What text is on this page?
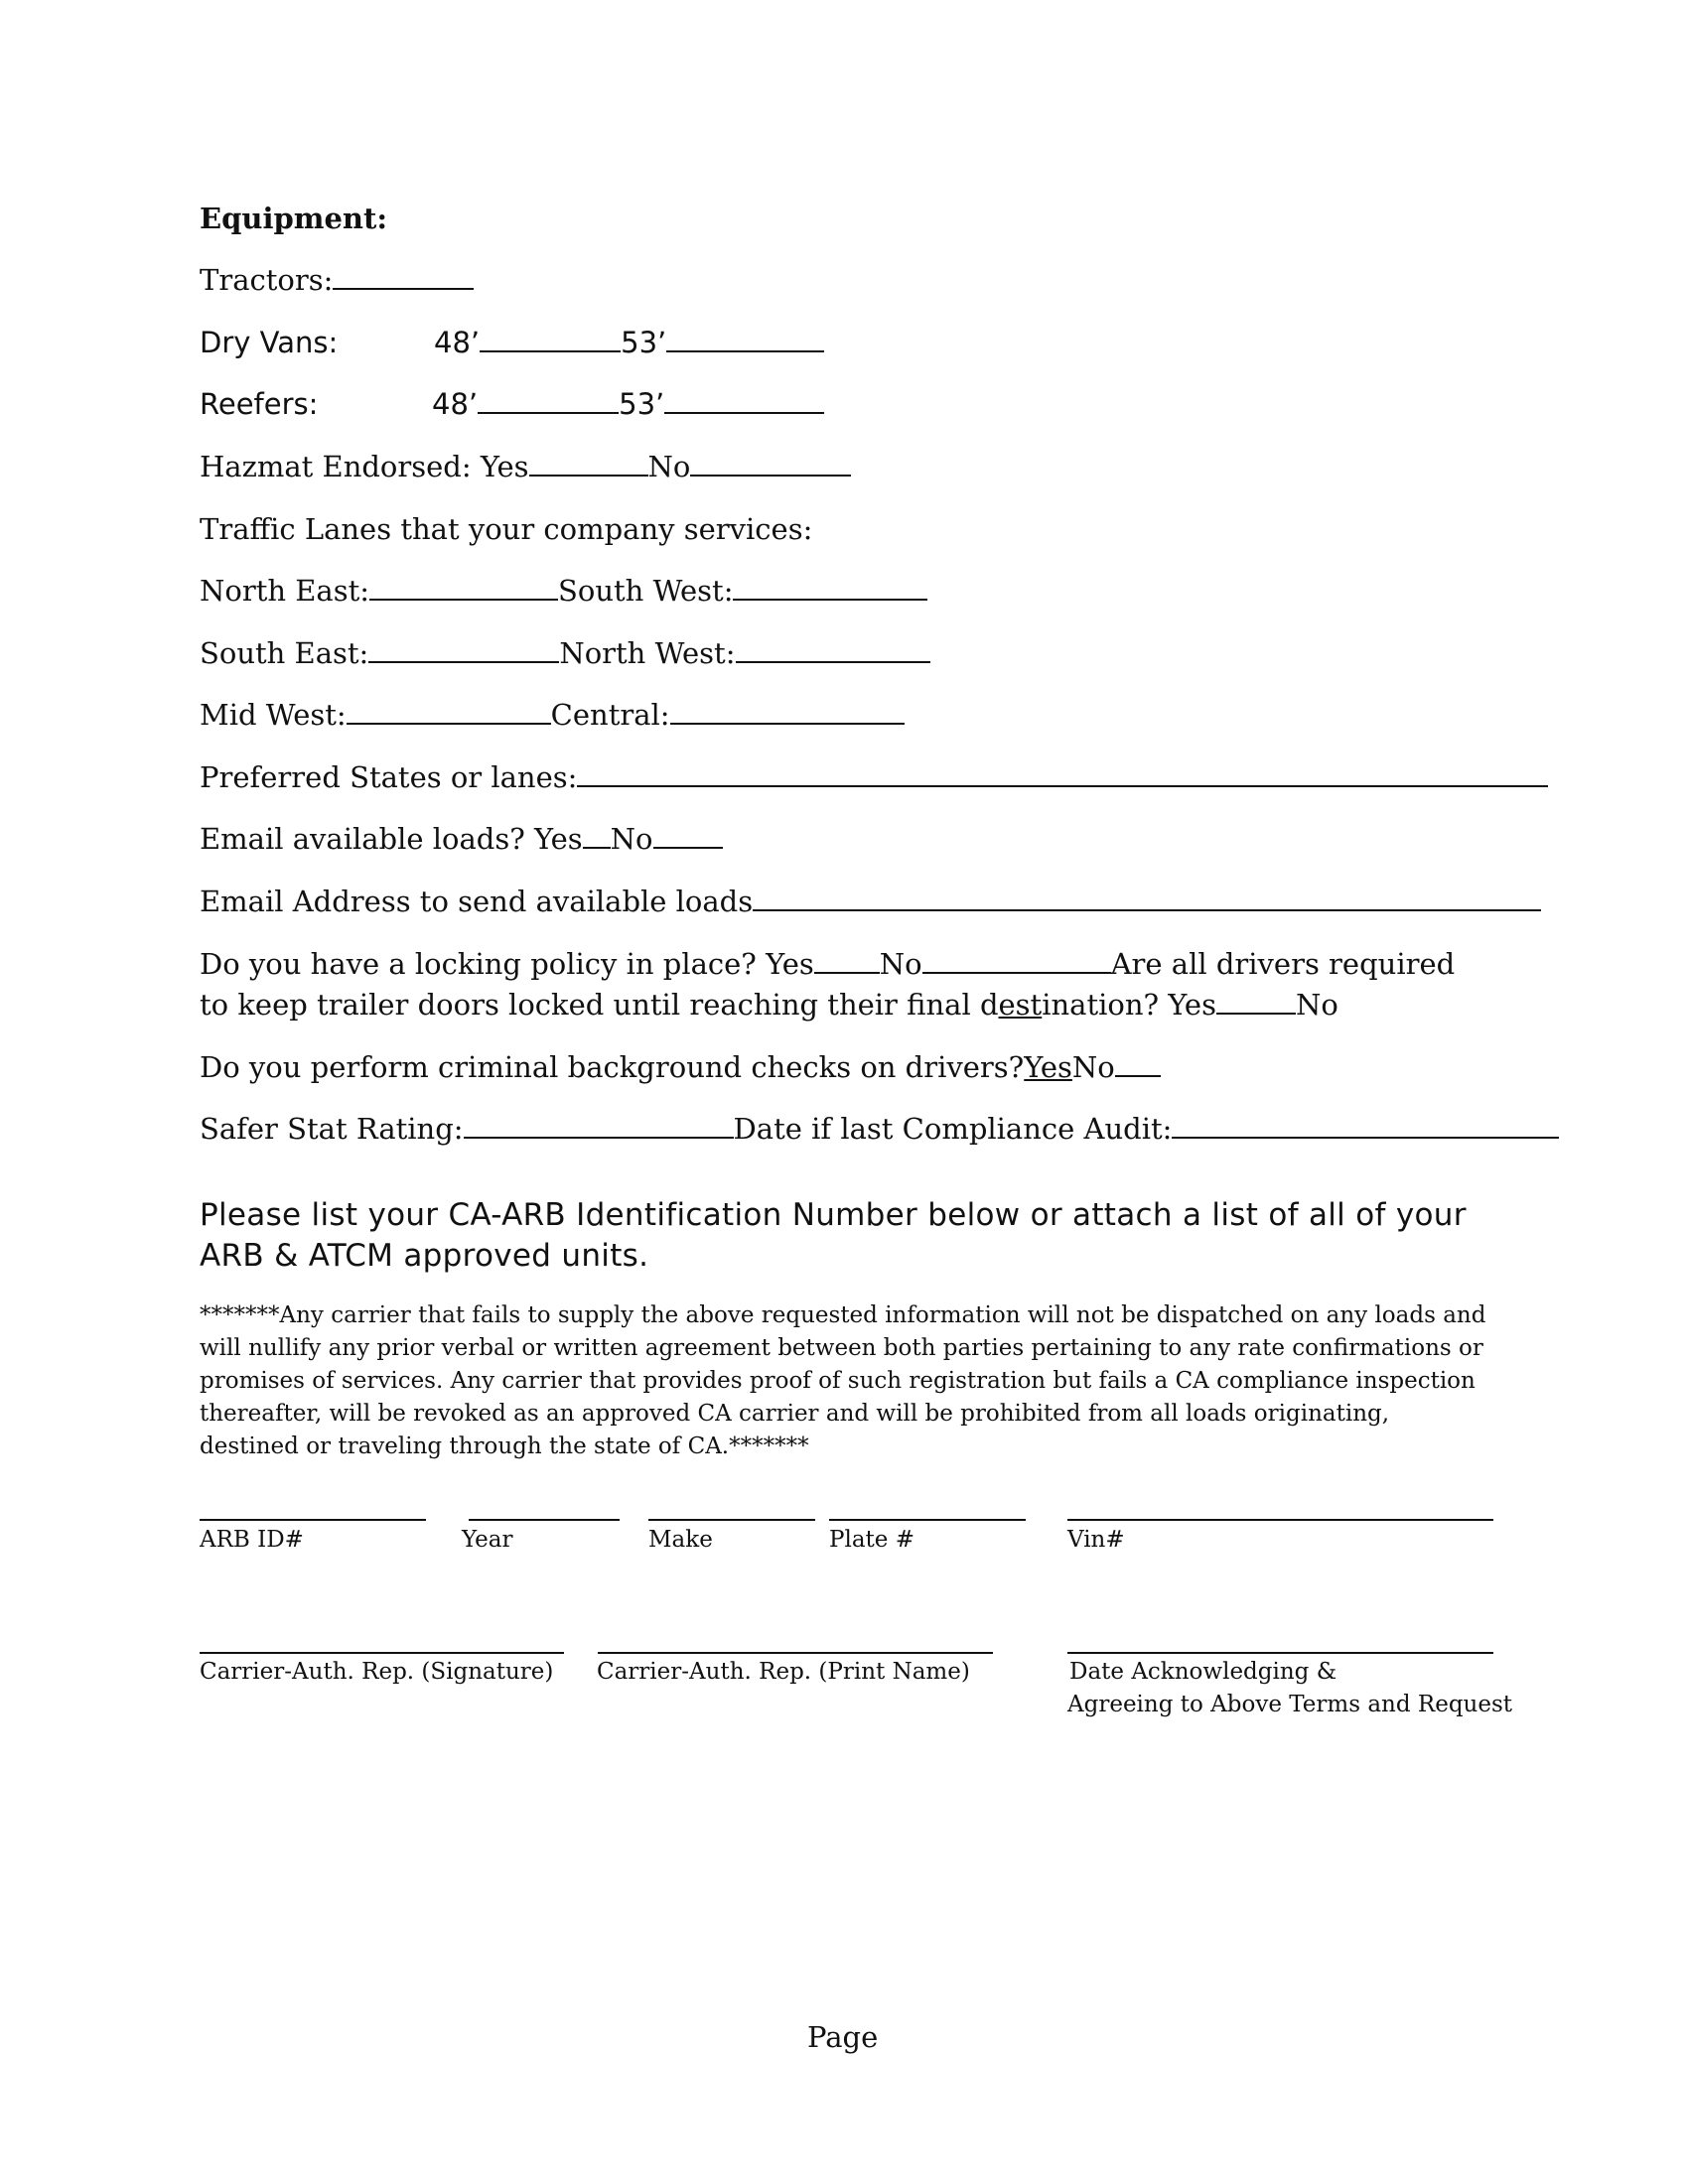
Equipment:
Tractors:
Dry Vans:	48’	53’
Reefers:	48’	53’
Hazmat Endorsed: Yes	No
Traffic Lanes that your company services:
North East:	South West:
South East:	North West:
Mid West:	Central:
Preferred States or lanes:
Email available loads? Yes No
Email Address to send available loads
Do you have a locking policy in place? Yes No	Are all drivers required
to keep trailer doors locked until reaching their final destination? Yes	No
Do you perform criminal background checks on drivers?YesNo
Safer Stat Rating:	Date if last Compliance Audit:
Please list your CA-ARB Identification Number below or attach a list of all of your ARB & ATCM approved units.
*******Any carrier that fails to supply the above requested information will not be dispatched on any loads and will nullify any prior verbal or written agreement between both parties pertaining to any rate confirmations or promises of services. Any carrier that provides proof of such registration but fails a CA compliance inspection thereafter, will be revoked as an approved CA carrier and will be prohibited from all loads originating, destined or traveling through the state of CA.*******
ARB ID#	Year	Make	Plate #	Vin#
Carrier-Auth. Rep. (Signature) Carrier-Auth. Rep. (Print Name)	Date Acknowledging &
Agreeing to Above Terms and Request
Page
